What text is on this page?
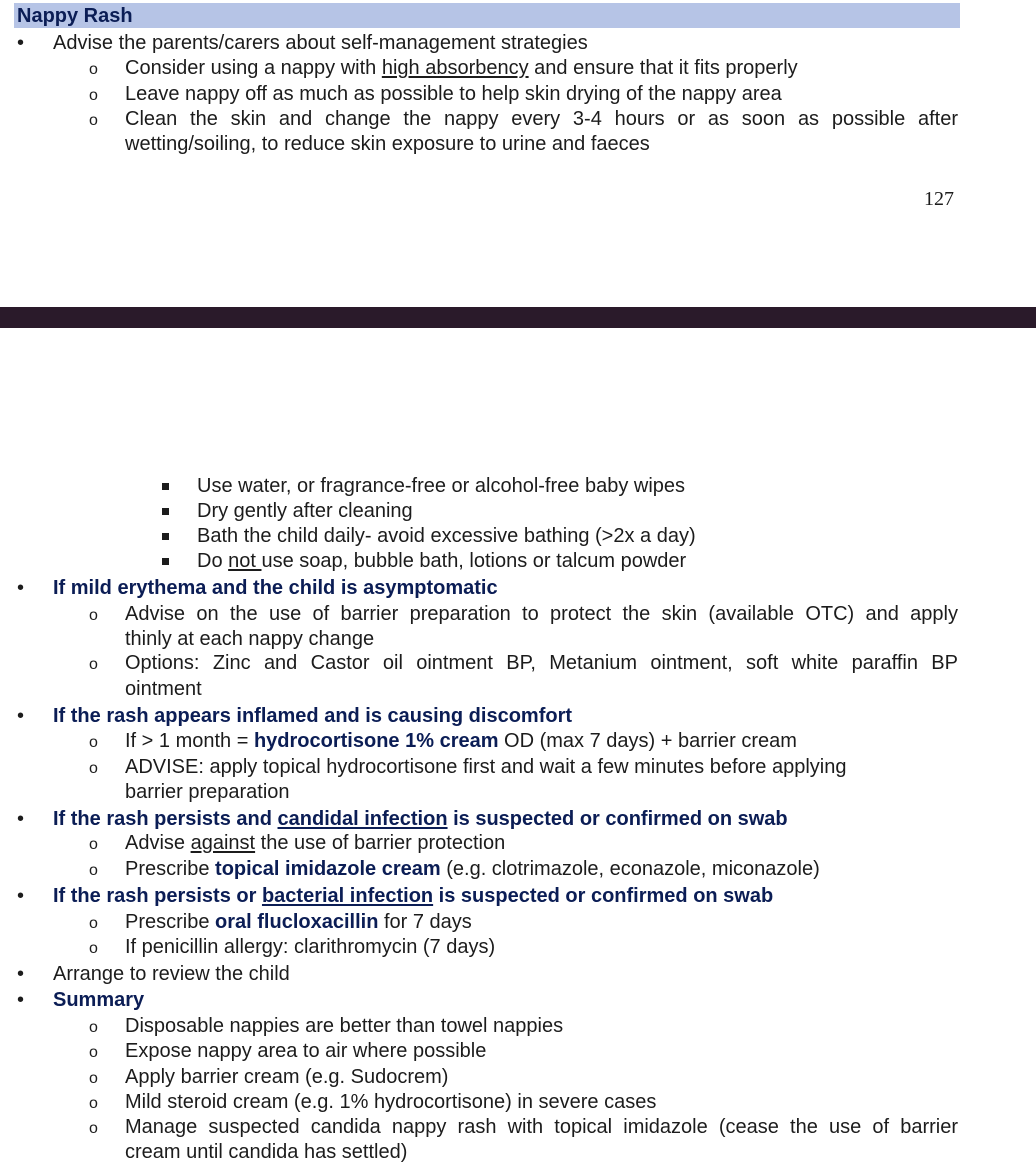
Nappy Rash
• Advise the parents/carers about self-management strategies
o Consider using a nappy with high absorbency and ensure that it fits properly
o Leave nappy off as much as possible to help skin drying of the nappy area
o Clean the skin and change the nappy every 3-4 hours or as soon as possible after
wetting/soiling, to reduce skin exposure to urine and faeces
127
Use water, or fragrance-free or alcohol-free baby wipes
Dry gently after cleaning
Bath the child daily- avoid excessive bathing (>2x a day)
Do not use soap, bubble bath, lotions or talcum powder
• If mild erythema and the child is asymptomatic
o Advise on the use of barrier preparation to protect the skin (available OTC) and apply
thinly at each nappy change
o Options: Zinc and Castor oil ointment BP, Metanium ointment, soft white paraffin BP
ointment
• If the rash appears inflamed and is causing discomfort
o If > 1 month = hydrocortisone 1% cream OD (max 7 days) + barrier cream
o ADVISE: apply topical hydrocortisone first and wait a few minutes before applying
barrier preparation
• If the rash persists and candidal infection is suspected or confirmed on swab
o Advise against the use of barrier protection
o Prescribe topical imidazole cream (e.g. clotrimazole, econazole, miconazole)
• If the rash persists or bacterial infection is suspected or confirmed on swab
o Prescribe oral flucloxacillin for 7 days
o If penicillin allergy: clarithromycin (7 days)
• Arrange to review the child
• Summary
o Disposable nappies are better than towel nappies
o Expose nappy area to air where possible
o Apply barrier cream (e.g. Sudocrem)
o Mild steroid cream (e.g. 1% hydrocortisone) in severe cases
o Manage suspected candida nappy rash with topical imidazole (cease the use of barrier
cream until candida has settled)
